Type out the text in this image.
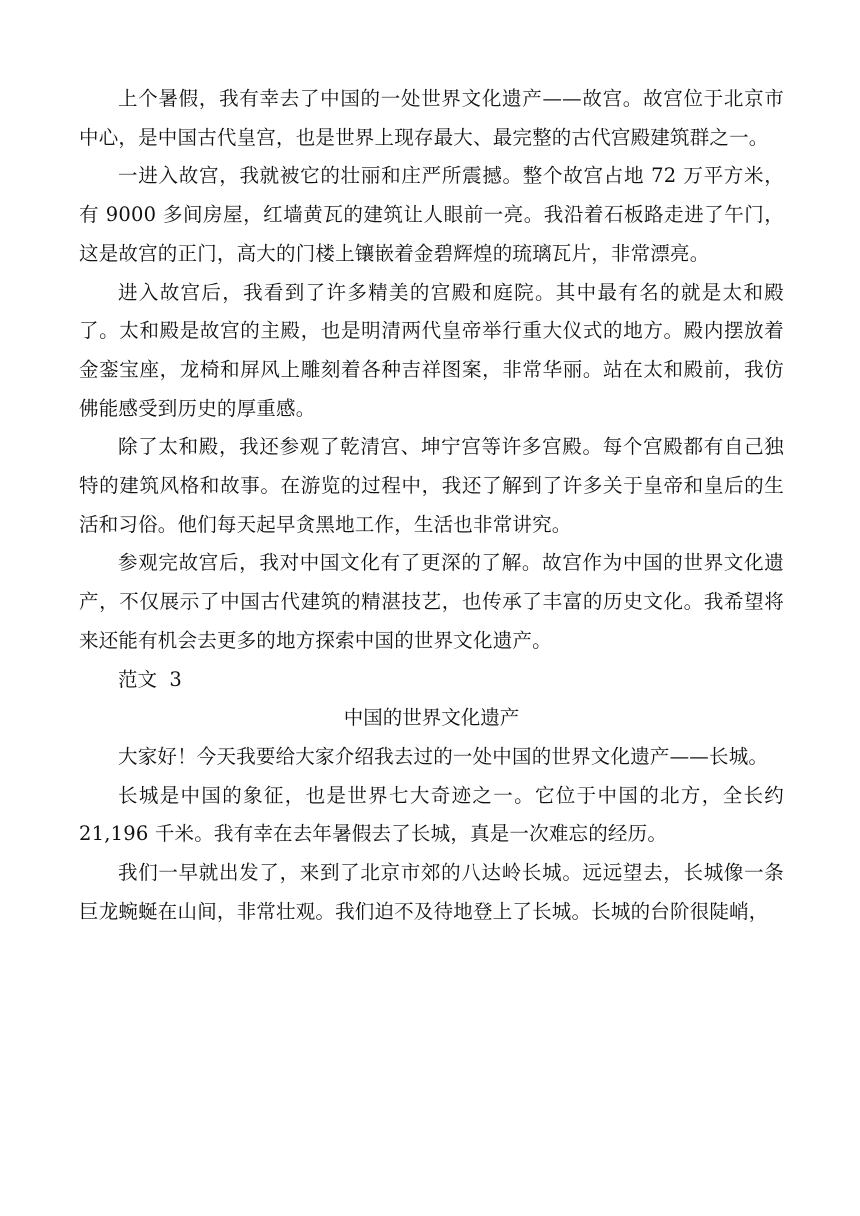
上个暑假，我有幸去了中国的一处世界文化遗产——故宫。故宫位于北京市中心，是中国古代皇宫，也是世界上现存最大、最完整的古代宫殿建筑群之一。

一进入故宫，我就被它的壮丽和庄严所震撼。整个故宫占地 72 万平方米，有 9000 多间房屋，红墙黄瓦的建筑让人眼前一亮。我沿着石板路走进了午门，这是故宫的正门，高大的门楼上镶嵌着金碧辉煌的琉璃瓦片，非常漂亮。

进入故宫后，我看到了许多精美的宫殿和庭院。其中最有名的就是太和殿了。太和殿是故宫的主殿，也是明清两代皇帝举行重大仪式的地方。殿内摆放着金銮宝座，龙椅和屏风上雕刻着各种吉祥图案，非常华丽。站在太和殿前，我仿佛能感受到历史的厚重感。

除了太和殿，我还参观了乾清宫、坤宁宫等许多宫殿。每个宫殿都有自己独特的建筑风格和故事。在游览的过程中，我还了解到了许多关于皇帝和皇后的生活和习俗。他们每天起早贪黑地工作，生活也非常讲究。

参观完故宫后，我对中国文化有了更深的了解。故宫作为中国的世界文化遗产，不仅展示了中国古代建筑的精湛技艺，也传承了丰富的历史文化。我希望将来还能有机会去更多的地方探索中国的世界文化遗产。

范文  3

中国的世界文化遗产

大家好！今天我要给大家介绍我去过的一处中国的世界文化遗产——长城。

长城是中国的象征，也是世界七大奇迹之一。它位于中国的北方，全长约 21,196 千米。我有幸在去年暑假去了长城，真是一次难忘的经历。

我们一早就出发了，来到了北京市郊的八达岭长城。远远望去，长城像一条巨龙蜿蜒在山间，非常壮观。我们迫不及待地登上了长城。长城的台阶很陡峭，
